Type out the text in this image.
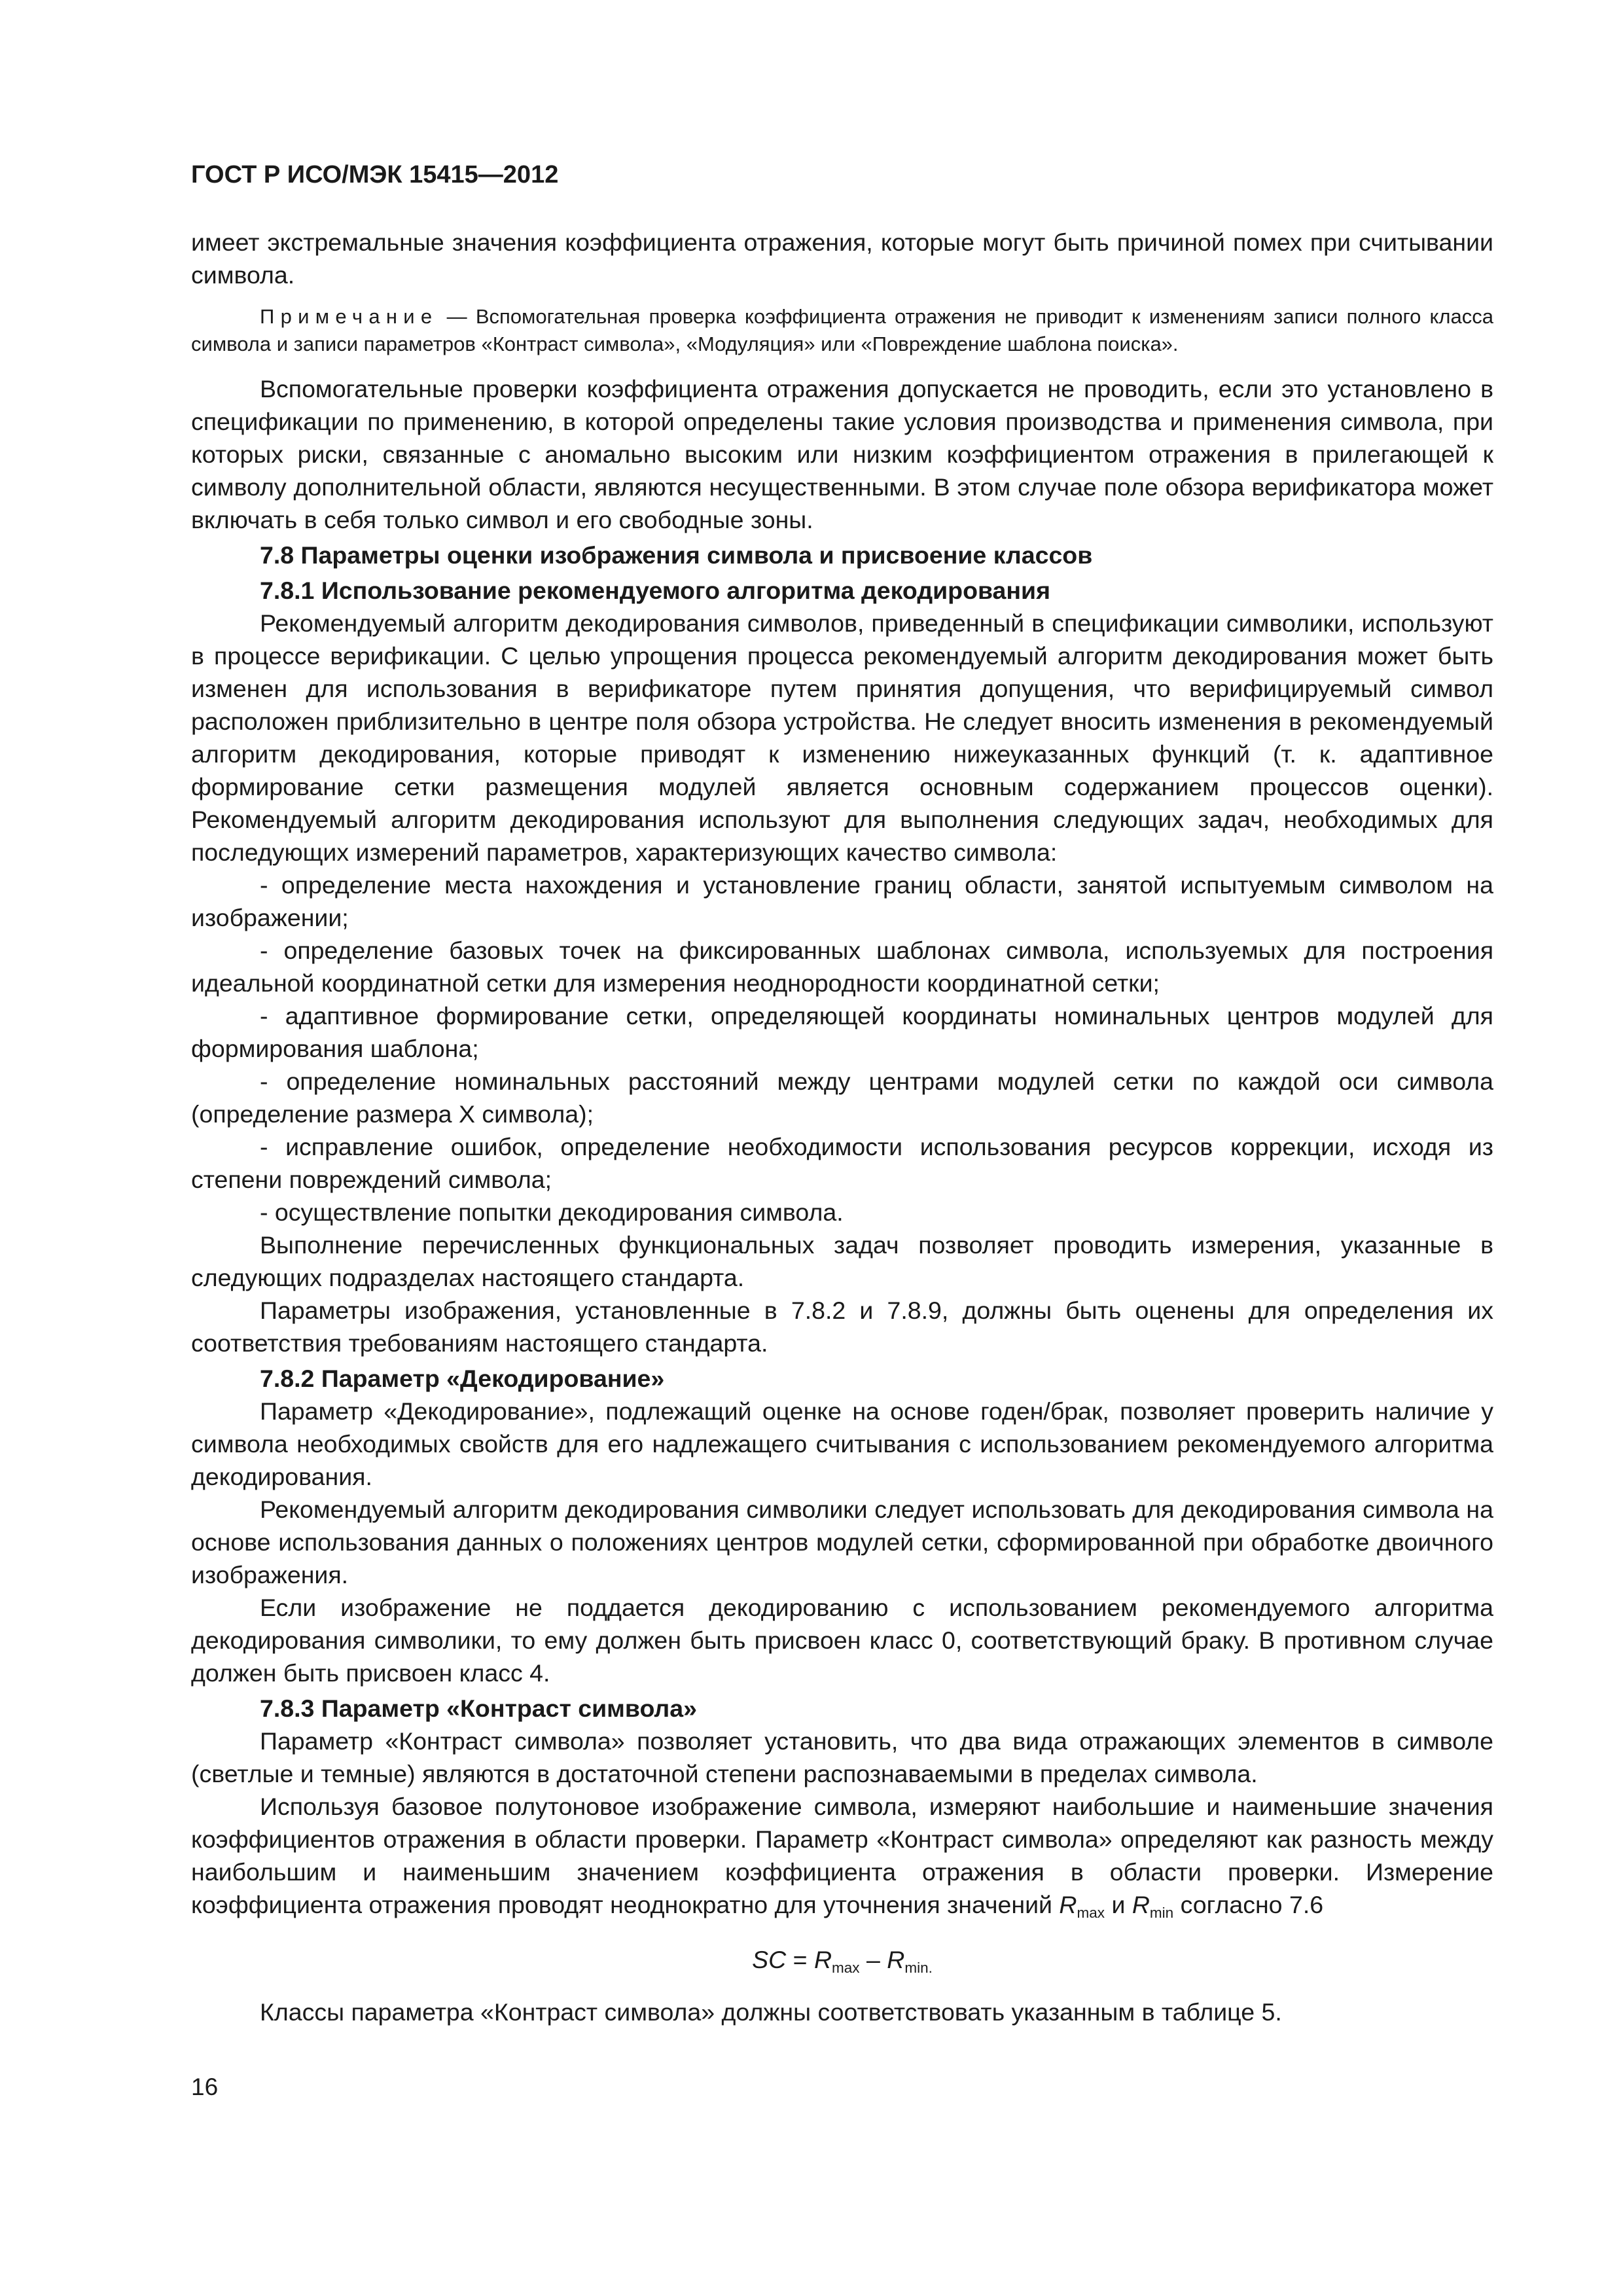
ГОСТ Р ИСО/МЭК 15415—2012

имеет экстремальные значения коэффициента отражения, которые могут быть причиной помех при считывании символа.

Примечание — Вспомогательная проверка коэффициента отражения не приводит к изменениям записи полного класса символа и записи параметров «Контраст символа», «Модуляция» или «Повреждение шаблона поиска».

Вспомогательные проверки коэффициента отражения допускается не проводить, если это установлено в спецификации по применению, в которой определены такие условия производства и применения символа, при которых риски, связанные с аномально высоким или низким коэффициентом отражения в прилегающей к символу дополнительной области, являются несущественными. В этом случае поле обзора верификатора может включать в себя только символ и его свободные зоны.

7.8 Параметры оценки изображения символа и присвоение классов

7.8.1 Использование рекомендуемого алгоритма декодирования

Рекомендуемый алгоритм декодирования символов, приведенный в спецификации символики, используют в процессе верификации. С целью упрощения процесса рекомендуемый алгоритм декодирования может быть изменен для использования в верификаторе путем принятия допущения, что верифицируемый символ расположен приблизительно в центре поля обзора устройства. Не следует вносить изменения в рекомендуемый алгоритм декодирования, которые приводят к изменению нижеуказанных функций (т. к. адаптивное формирование сетки размещения модулей является основным содержанием процессов оценки). Рекомендуемый алгоритм декодирования используют для выполнения следующих задач, необходимых для последующих измерений параметров, характеризующих качество символа:

- определение места нахождения и установление границ области, занятой испытуемым символом на изображении;

- определение базовых точек на фиксированных шаблонах символа, используемых для построения идеальной координатной сетки для измерения неоднородности координатной сетки;

- адаптивное формирование сетки, определяющей координаты номинальных центров модулей для формирования шаблона;

- определение номинальных расстояний между центрами модулей сетки по каждой оси символа (определение размера X символа);

- исправление ошибок, определение необходимости использования ресурсов коррекции, исходя из степени повреждений символа;

- осуществление попытки декодирования символа.

Выполнение перечисленных функциональных задач позволяет проводить измерения, указанные в следующих подразделах настоящего стандарта.

Параметры изображения, установленные в 7.8.2 и 7.8.9, должны быть оценены для определения их соответствия требованиям настоящего стандарта.

7.8.2 Параметр «Декодирование»

Параметр «Декодирование», подлежащий оценке на основе годен/брак, позволяет проверить наличие у символа необходимых свойств для его надлежащего считывания с использованием рекомендуемого алгоритма декодирования.

Рекомендуемый алгоритм декодирования символики следует использовать для декодирования символа на основе использования данных о положениях центров модулей сетки, сформированной при обработке двоичного изображения.

Если изображение не поддается декодированию с использованием рекомендуемого алгоритма декодирования символики, то ему должен быть присвоен класс 0, соответствующий браку. В противном случае должен быть присвоен класс 4.

7.8.3 Параметр «Контраст символа»

Параметр «Контраст символа» позволяет установить, что два вида отражающих элементов в символе (светлые и темные) являются в достаточной степени распознаваемыми в пределах символа.

Используя базовое полутоновое изображение символа, измеряют наибольшие и наименьшие значения коэффициентов отражения в области проверки. Параметр «Контраст символа» определяют как разность между наибольшим и наименьшим значением коэффициента отражения в области проверки. Измерение коэффициента отражения проводят неоднократно для уточнения значений $R_{max}$ и $R_{min}$ согласно 7.6

SC = $R_{max} - R_{min.}$

Классы параметра «Контраст символа» должны соответствовать указанным в таблице 5.

16
